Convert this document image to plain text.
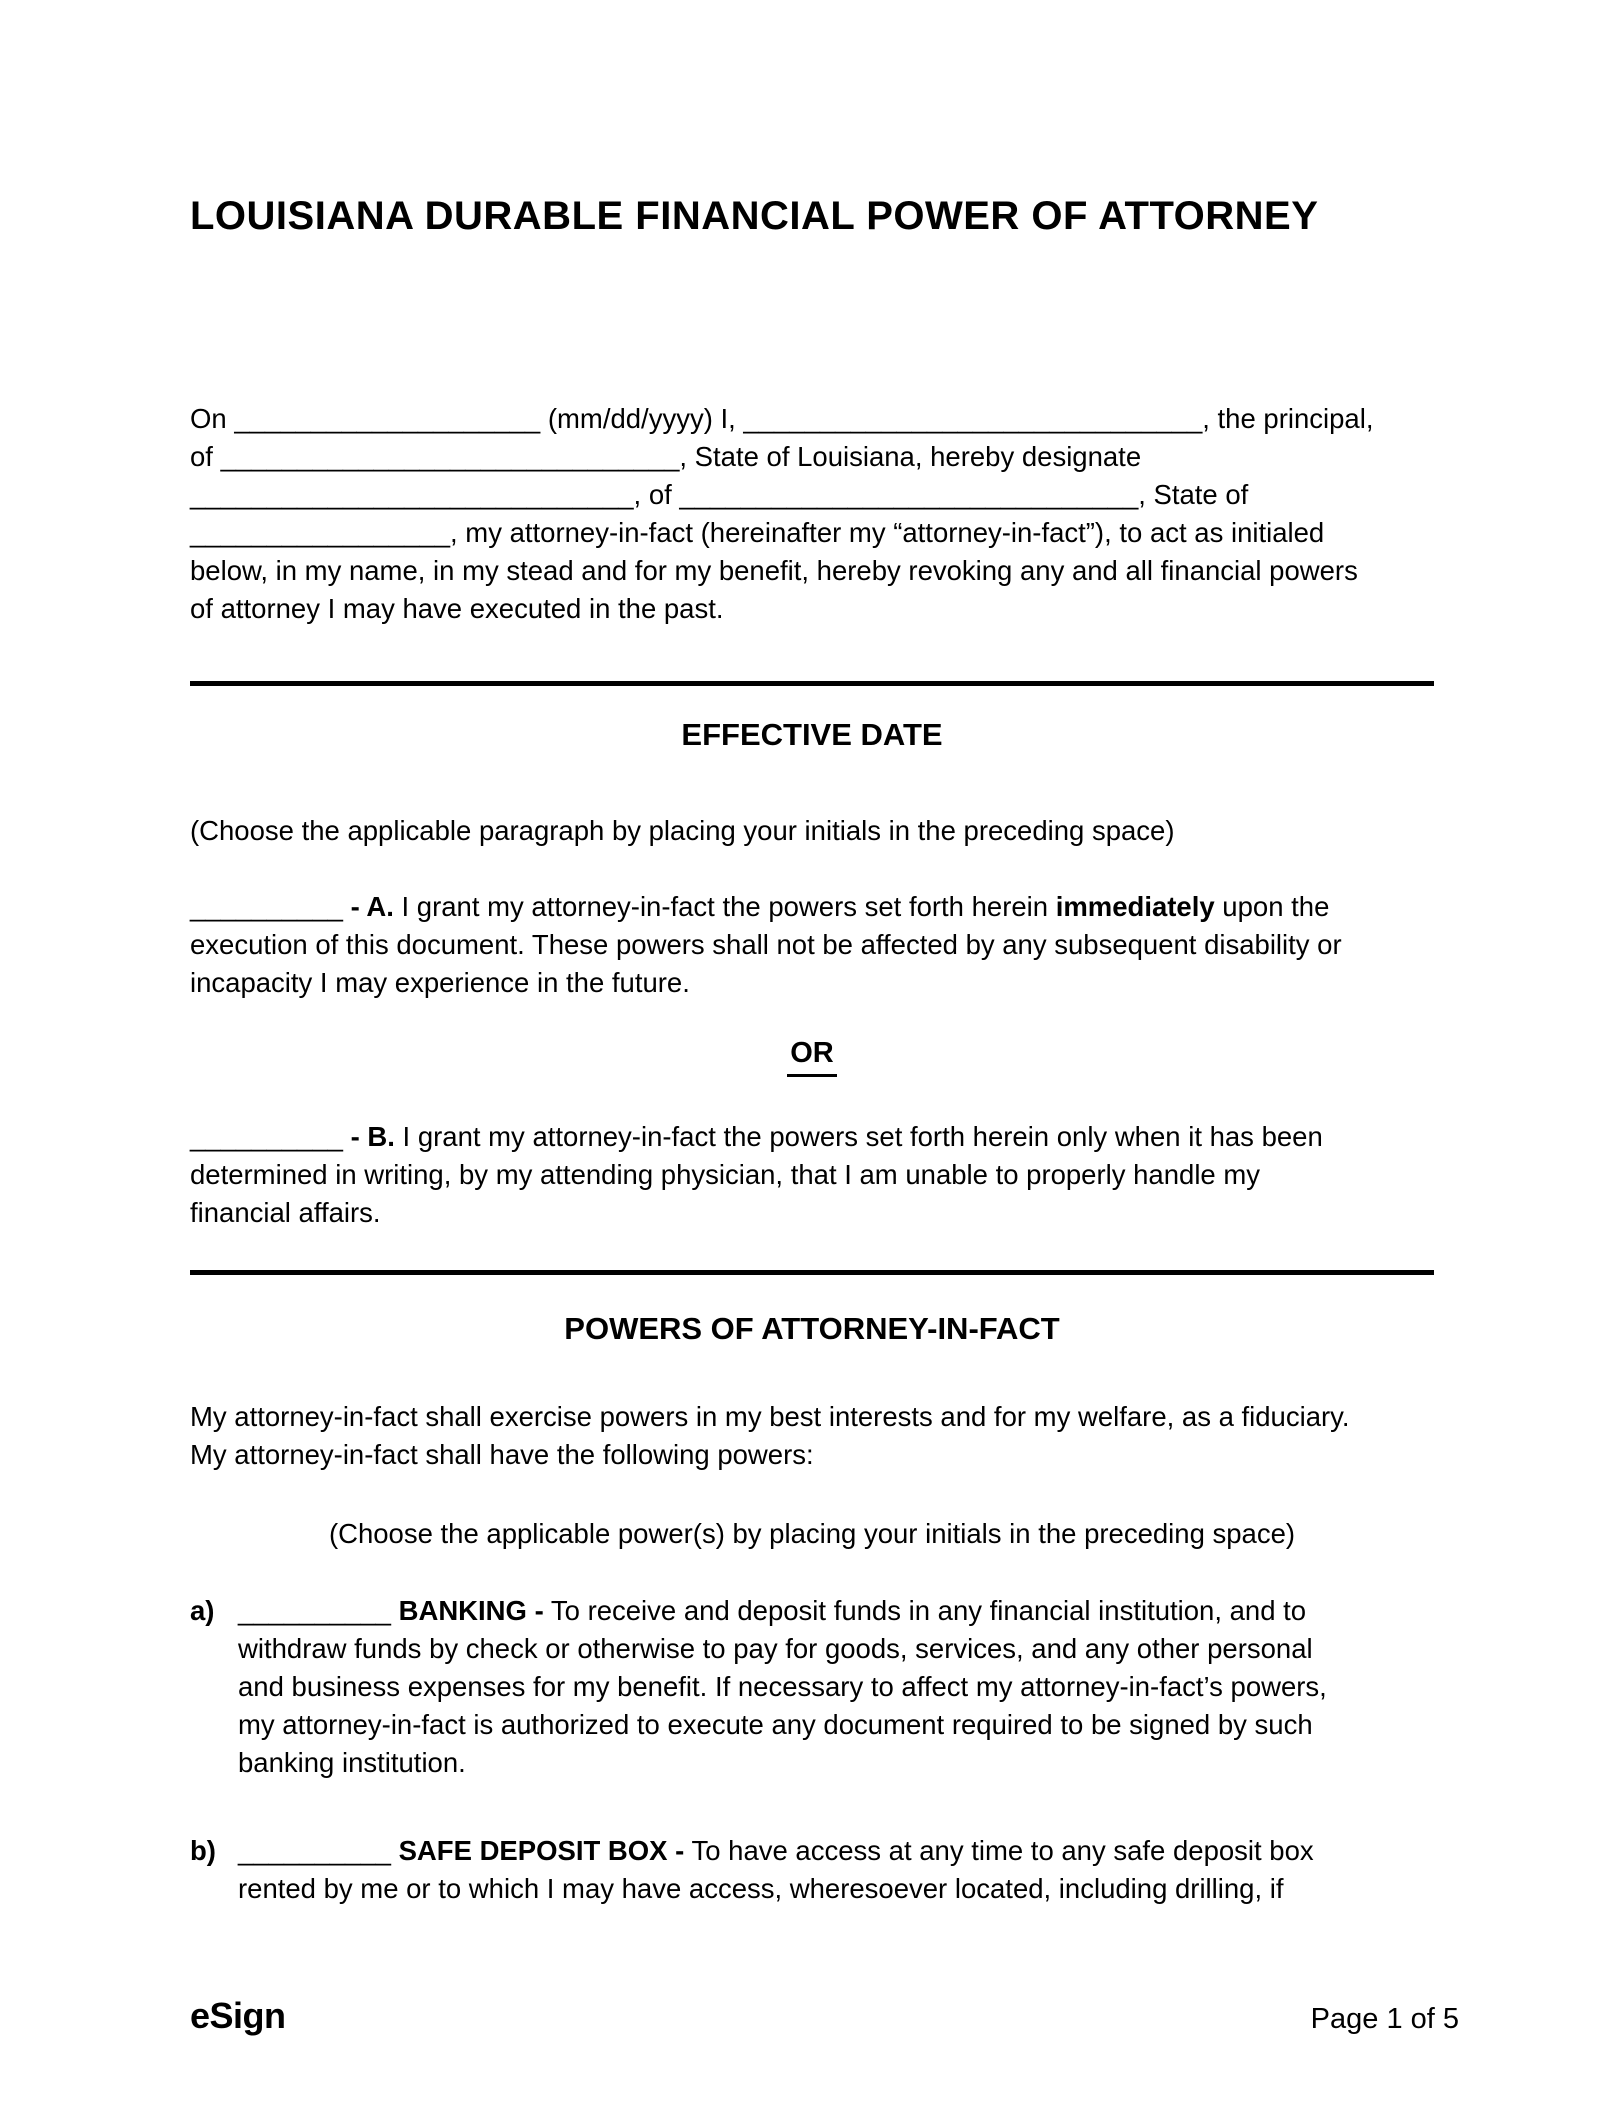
LOUISIANA DURABLE FINANCIAL POWER OF ATTORNEY
On ____________________ (mm/dd/yyyy) I, ______________________________, the principal,
of ______________________________, State of Louisiana, hereby designate
_____________________________, of ______________________________, State of
_________________, my attorney-in-fact (hereinafter my “attorney-in-fact”), to act as initialed
below, in my name, in my stead and for my benefit, hereby revoking any and all financial powers
of attorney I may have executed in the past.
EFFECTIVE DATE
(Choose the applicable paragraph by placing your initials in the preceding space)
__________ - A. I grant my attorney-in-fact the powers set forth herein immediately upon the
execution of this document. These powers shall not be affected by any subsequent disability or
incapacity I may experience in the future.
OR
__________ - B. I grant my attorney-in-fact the powers set forth herein only when it has been
determined in writing, by my attending physician, that I am unable to properly handle my
financial affairs.
POWERS OF ATTORNEY-IN-FACT
My attorney-in-fact shall exercise powers in my best interests and for my welfare, as a fiduciary.
My attorney-in-fact shall have the following powers:
(Choose the applicable power(s) by placing your initials in the preceding space)
a) __________ BANKING - To receive and deposit funds in any financial institution, and to
withdraw funds by check or otherwise to pay for goods, services, and any other personal
and business expenses for my benefit. If necessary to affect my attorney-in-fact’s powers,
my attorney-in-fact is authorized to execute any document required to be signed by such
banking institution.
b) __________ SAFE DEPOSIT BOX - To have access at any time to any safe deposit box
rented by me or to which I may have access, wheresoever located, including drilling, if
eSign	Page 1 of 5
